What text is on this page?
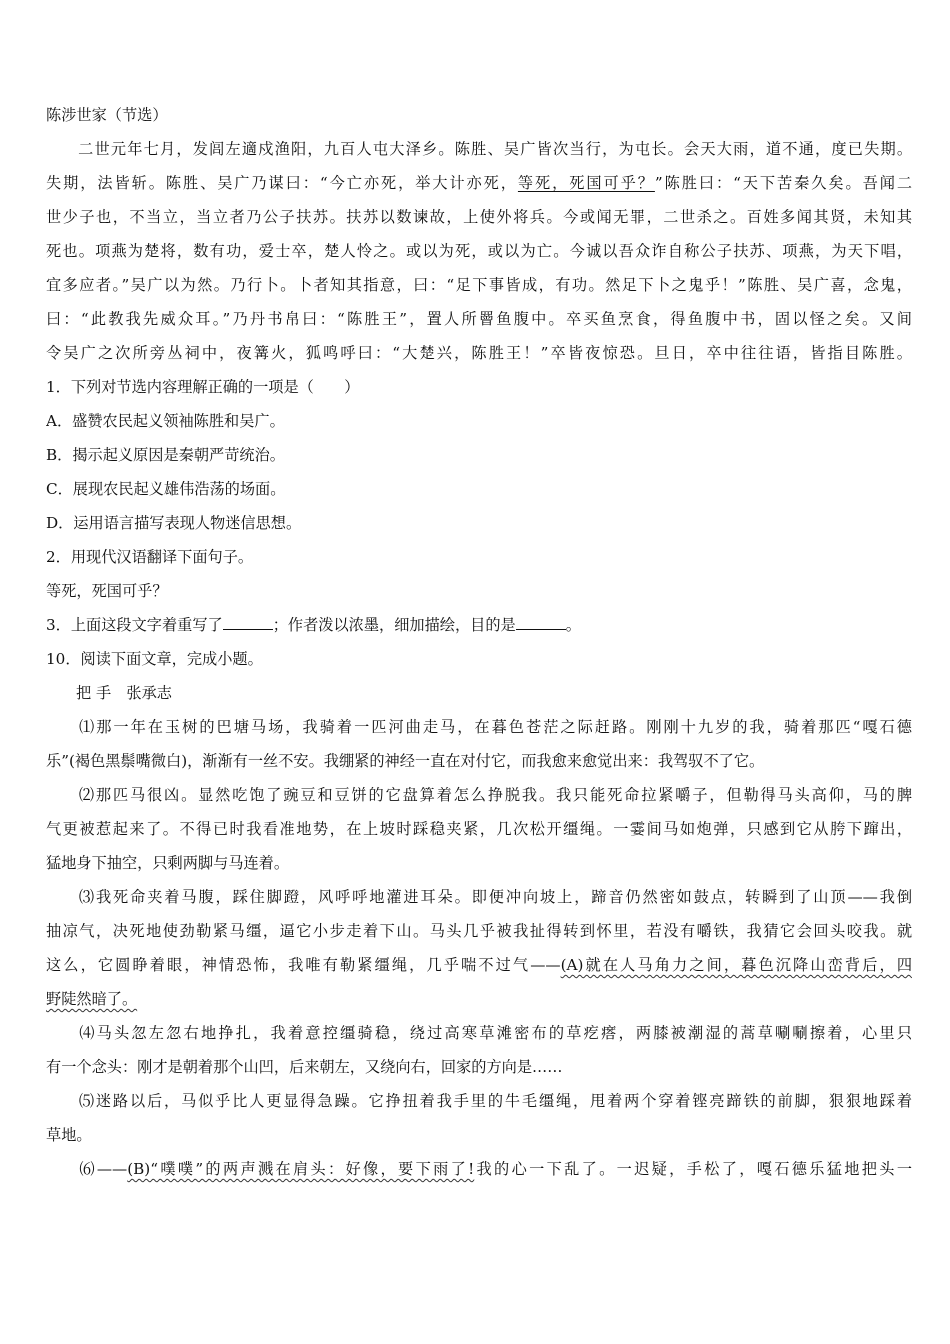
陈涉世家（节选）
二世元年七月，发闾左適戍渔阳，九百人屯大泽乡。陈胜、吴广皆次当行，为屯长。会天大雨，道不通，度已失期。
失期，法皆斩。陈胜、吴广乃谋曰：“今亡亦死，举大计亦死，等死，死国可乎？”陈胜曰：“天下苦秦久矣。吾闻二
世少子也，不当立，当立者乃公子扶苏。扶苏以数谏故，上使外将兵。今或闻无罪，二世杀之。百姓多闻其贤，未知其
死也。项燕为楚将，数有功，爱士卒，楚人怜之。或以为死，或以为亡。今诚以吾众诈自称公子扶苏、项燕，为天下唱，
宜多应者。”吴广以为然。乃行卜。卜者知其指意，曰：“足下事皆成，有功。然足下卜之鬼乎！”陈胜、吴广喜，念鬼，
曰：“此教我先威众耳。”乃丹书帛曰：“陈胜王”，置人所罾鱼腹中。卒买鱼烹食，得鱼腹中书，固以怪之矣。又间
令吴广之次所旁丛祠中，夜篝火，狐鸣呼曰：“大楚兴，陈胜王！”卒皆夜惊恐。旦日，卒中往往语，皆指目陈胜。
1．下列对节选内容理解正确的一项是（　　）
A．盛赞农民起义领袖陈胜和吴广。
B．揭示起义原因是秦朝严苛统治。
C．展现农民起义雄伟浩荡的场面。
D．运用语言描写表现人物迷信思想。
2．用现代汉语翻译下面句子。
等死，死国可乎？
3．上面这段文字着重写了	；作者泼以浓墨，细加描绘，目的是	。
10．阅读下面文章，完成小题。
把 手　张承志
⑴那一年在玉树的巴塘马场，我骑着一匹河曲走马，在暮色苍茫之际赶路。刚刚十九岁的我，骑着那匹“嘎石德
乐”(褐色黑鬃嘴微白)，渐渐有一丝不安。我绷紧的神经一直在对付它，而我愈来愈觉出来：我驾驭不了它。
⑵那匹马很凶。显然吃饱了豌豆和豆饼的它盘算着怎么挣脱我。我只能死命拉紧嚼子，但勒得马头高仰，马的脾
气更被惹起来了。不得已时我看准地势，在上坡时踩稳夹紧，几次松开缰绳。一霎间马如炮弹，只感到它从胯下蹿出，
猛地身下抽空，只剩两脚与马连着。
⑶我死命夹着马腹，踩住脚蹬，风呼呼地灌进耳朵。即便冲向坡上，蹄音仍然密如鼓点，转瞬到了山顶——我倒
抽凉气，决死地使劲勒紧马缰，逼它小步走着下山。马头几乎被我扯得转到怀里，若没有嚼铁，我猜它会回头咬我。就
这么，它圆睁着眼，神情恐怖，我唯有勒紧缰绳，几乎喘不过气——(A)就在人马角力之间，暮色沉降山峦背后，四
野陡然暗了。
⑷马头忽左忽右地挣扎，我着意控缰骑稳，绕过高寒草滩密布的草疙瘩，两膝被潮湿的蒿草唰唰擦着，心里只
有一个念头：刚才是朝着那个山凹，后来朝左，又绕向右，回家的方向是……
⑸迷路以后，马似乎比人更显得急躁。它挣扭着我手里的牛毛缰绳，甩着两个穿着铿亮蹄铁的前脚，狠狠地踩着
草地。
⑹——(B)“噗噗”的两声溅在肩头：好像，要下雨了!我的心一下乱了。一迟疑，手松了，嘎石德乐猛地把头一
